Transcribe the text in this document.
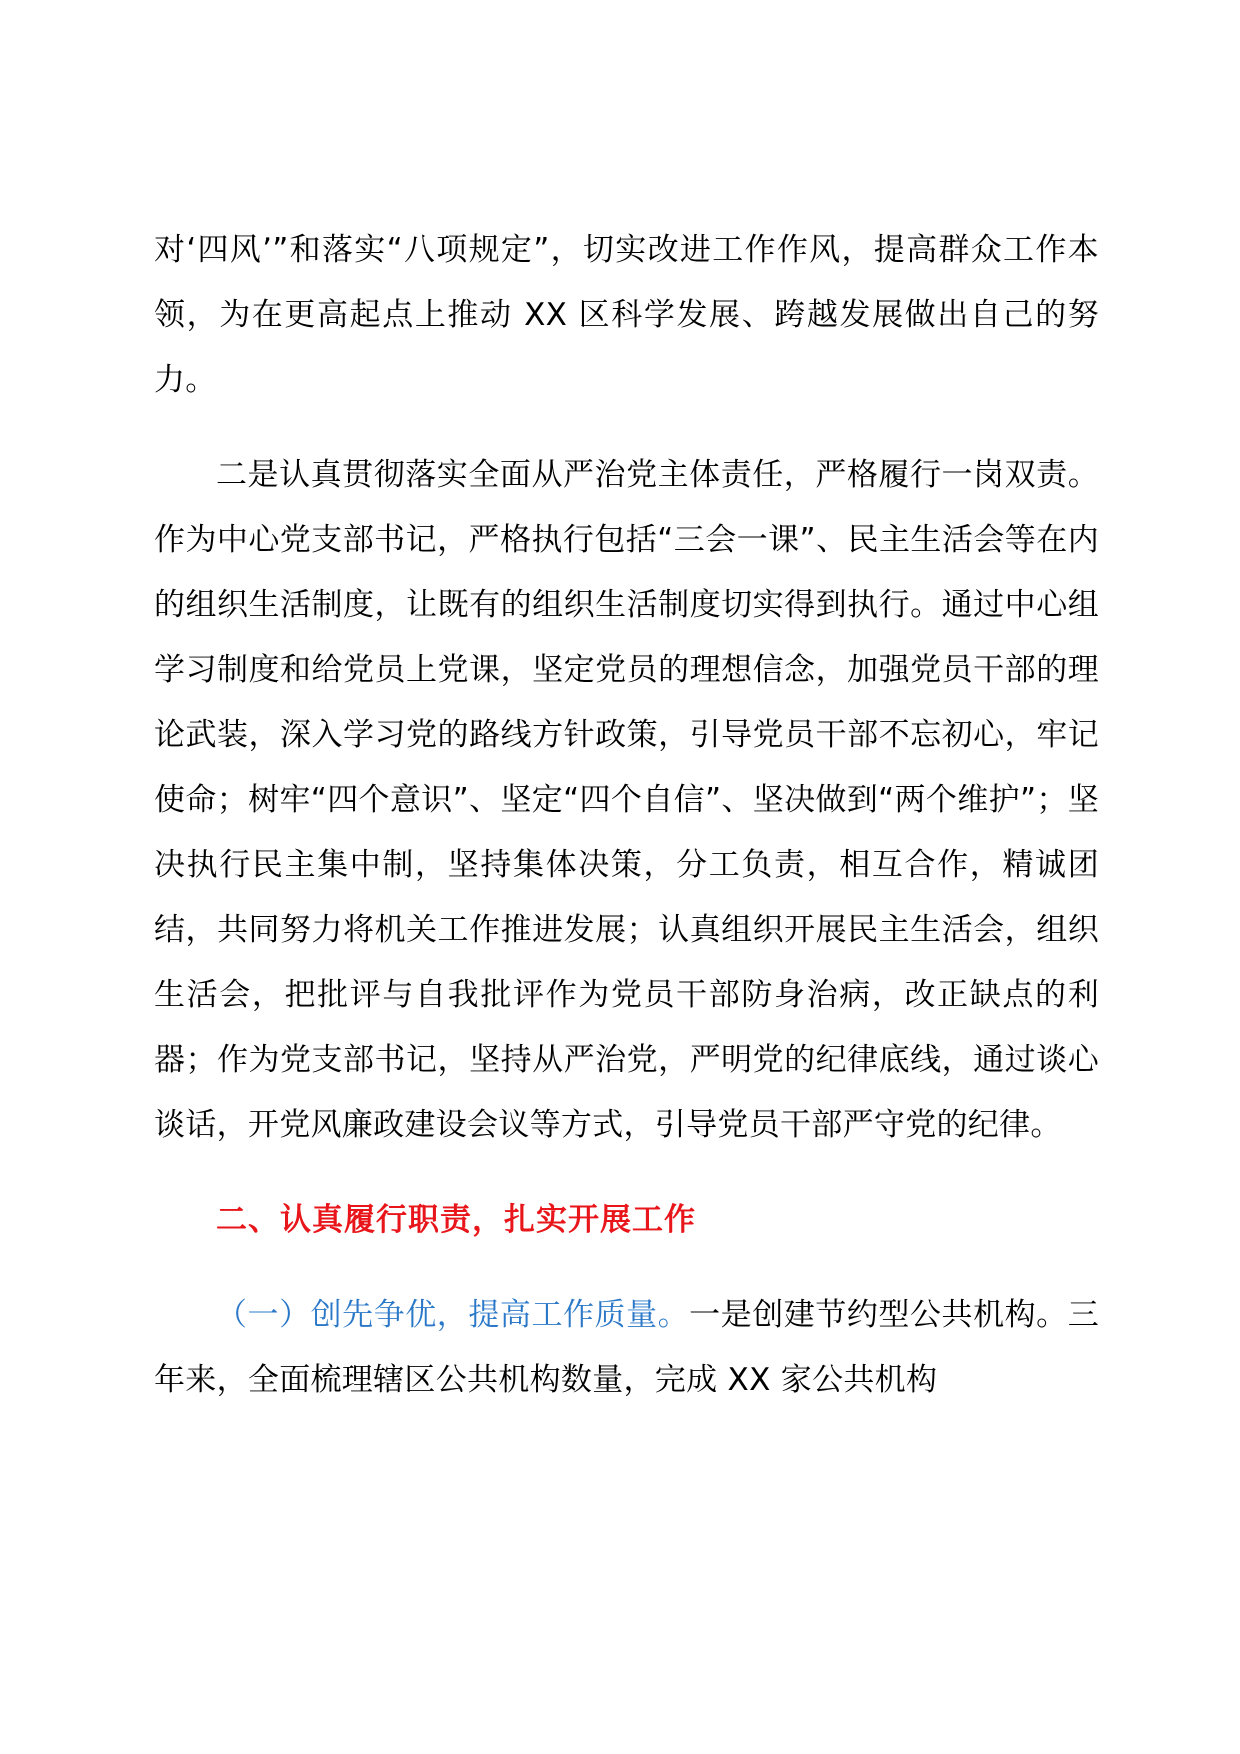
对‘四风’”和落实“八项规定”，切实改进工作作风，提高群众工作本领，为在更高起点上推动 XX 区科学发展、跨越发展做出自己的努力。

二是认真贯彻落实全面从严治党主体责任，严格履行一岗双责。作为中心党支部书记，严格执行包括“三会一课”、民主生活会等在内的组织生活制度，让既有的组织生活制度切实得到执行。通过中心组学习制度和给党员上党课，坚定党员的理想信念，加强党员干部的理论武装，深入学习党的路线方针政策，引导党员干部不忘初心，牢记使命；树牢“四个意识”、坚定“四个自信”、坚决做到“两个维护”；坚决执行民主集中制，坚持集体决策，分工负责，相互合作，精诚团结，共同努力将机关工作推进发展；认真组织开展民主生活会，组织生活会，把批评与自我批评作为党员干部防身治病，改正缺点的利器；作为党支部书记，坚持从严治党，严明党的纪律底线，通过谈心谈话，开党风廉政建设会议等方式，引导党员干部严守党的纪律。

二、认真履行职责，扎实开展工作

（一）创先争优，提高工作质量。一是创建节约型公共机构。三年来，全面梳理辖区公共机构数量，完成 XX 家公共机构
